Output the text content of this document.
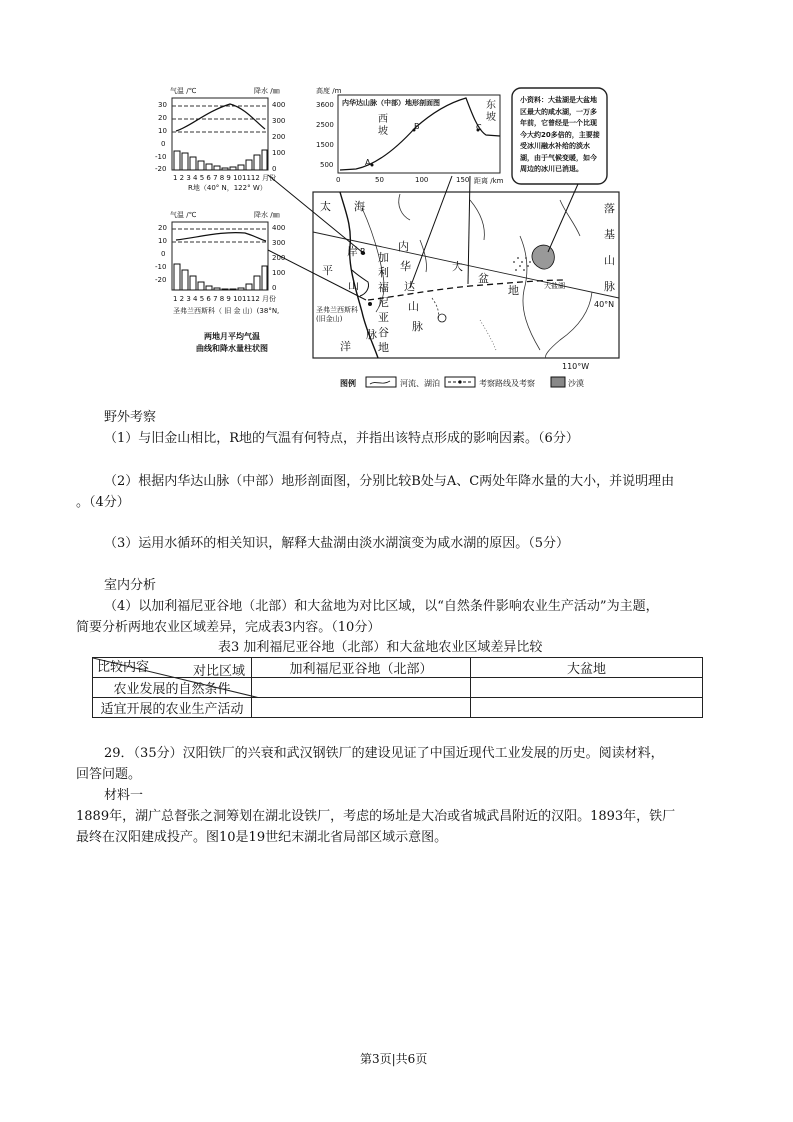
气温 /℃	降水 /㎜
30
20
10
0
-10
-20
400
300
200
100
0
1 2 3 4 5 6 7 8 9 101112 月份
R地（40° N，122° W）
气温 /℃	降水 /㎜
20
10
0
-10
-20
400
300
200
100
0
1 2 3 4 5 6 7 8 9 101112 月份
圣弗兰西斯科（ 旧 金 山）(38°N,
两地月平均气温
曲线和降水量柱状图
高度 /m
内华达山脉（中部）地形剖面图
3600
2500
1500
500
0	50	100	150 距离 /km
西坡
东坡
A
B	C
小资料：大盐湖是大盆地区最大的咸水湖，一万多年前，它曾经是一个比现今大约20多倍的，主要接受冰川融水补给的淡水湖，由于气候变暖，如今周边的冰川已消退。
太
平
洋
海
岸
山
脉
R 加利福尼亚谷地
内
华
达
山
脉
大
盆
地	大盐湖
落基山脉
40°N
110°W
圣弗兰西斯科
(旧金山)
图例	河流、湖泊	考察路线及考察	沙漠
野外考察
（1）与旧金山相比，R地的气温有何特点，并指出该特点形成的影响因素。（6分）
（2）根据内华达山脉（中部）地形剖面图，分别比较B处与A、C两处年降水量的大小，并说明理由
。（4分）
（3）运用水循环的相关知识，解释大盐湖由淡水湖演变为咸水湖的原因。（5分）
室内分析
（4）以加利福尼亚谷地（北部）和大盆地为对比区域，以“自然条件影响农业生产活动”为主题，
简要分析两地农业区域差异，完成表3内容。（10分）
表3 加利福尼亚谷地（北部）和大盆地农业区域差异比较
对比区域
比较内容	加利福尼亚谷地（北部）	大盆地
农业发展的自然条件		
适宜开展的农业生产活动		
29．（35分）汉阳铁厂的兴衰和武汉钢铁厂的建设见证了中国近现代工业发展的历史。阅读材料，
回答问题。
材料一
1889年，湖广总督张之洞筹划在湖北设铁厂，考虑的场址是大冶或省城武昌附近的汉阳。1893年，铁厂
最终在汉阳建成投产。图10是19世纪末湖北省局部区域示意图。
第3页|共6页
